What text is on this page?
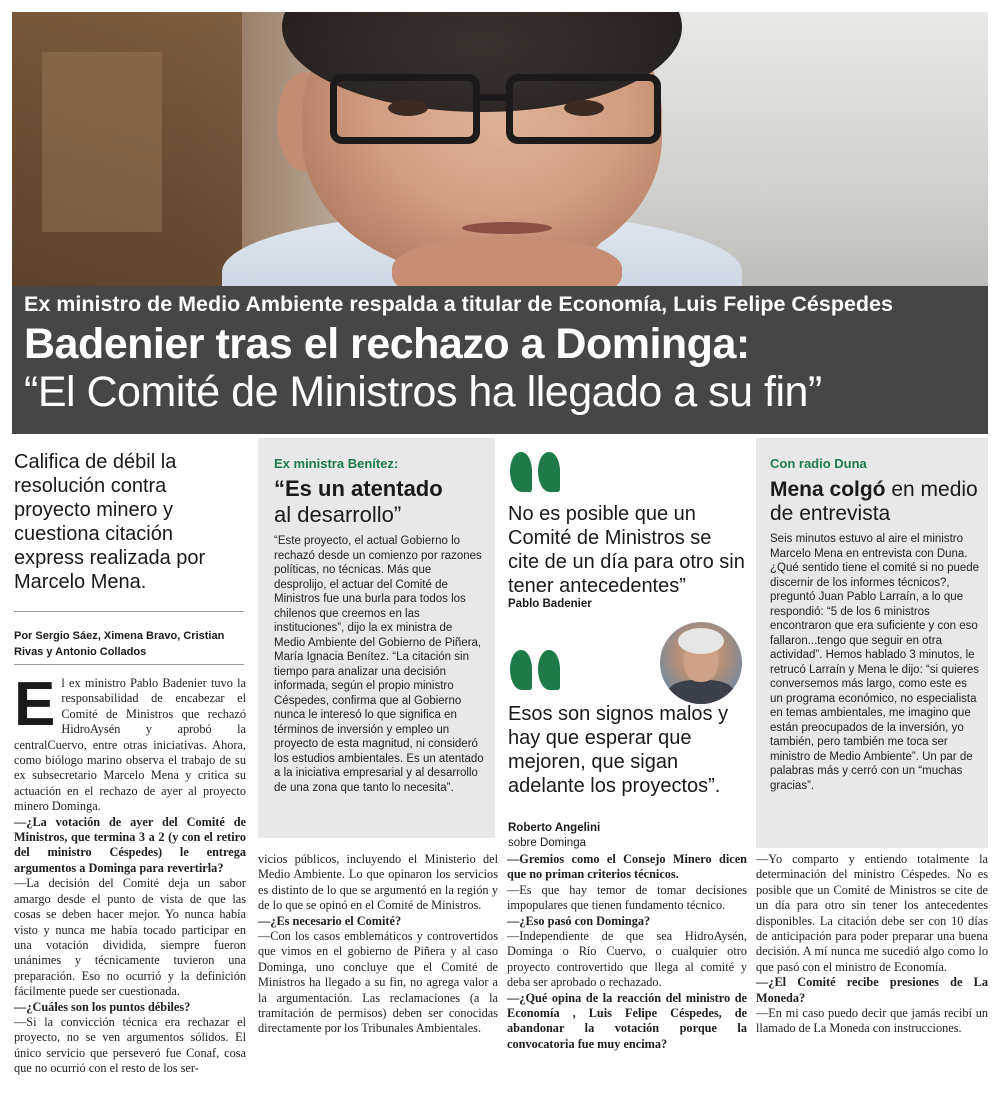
Ex ministro de Medio Ambiente respalda a titular de Economía, Luis Felipe Céspedes
Badenier tras el rechazo a Dominga:
“El Comité de Ministros ha llegado a su fin”
Califica de débil la resolución contra proyecto minero y cuestiona citación express realizada por Marcelo Mena.
Por Sergio Sáez, Ximena Bravo, Cristian Rivas y Antonio Collados
E l ex ministro Pablo Badenier tuvo la responsabilidad de encabezar el Comité de Ministros que rechazó HidroAysén y aprobó la centralCuervo, entre otras iniciativas. Ahora, como biólogo marino observa el trabajo de su ex subsecretario Marcelo Mena y critica su actuación en el rechazo de ayer al proyecto minero Dominga.

—¿La votación de ayer del Comité de Ministros, que termina 3 a 2 (y con el retiro del ministro Céspedes) le entrega argumentos a Dominga para revertirla?

—La decisión del Comité deja un sabor amargo desde el punto de vista de que las cosas se deben hacer mejor. Yo nunca había visto y nunca me había tocado participar en una votación dividida, siempre fueron unánimes y técnicamente tuvieron una preparación. Eso no ocurrió y la definición fácilmente puede ser cuestionada.

—¿Cuáles son los puntos débiles?

—Si la convicción técnica era rechazar el proyecto, no se ven argumentos sólidos. El único servicio que perseveró fue Conaf, cosa que no ocurrió con el resto de los ser-

Ex ministra Benítez:
“Es un atentado
al desarrollo”
“Este proyecto, el actual Gobierno lo rechazó desde un comienzo por razones políticas, no técnicas. Más que desprolijo, el actuar del Comité de Ministros fue una burla para todos los chilenos que creemos en las instituciones”, dijo la ex ministra de Medio Ambiente del Gobierno de Piñera, María Ignacia Benítez. “La citación sin tiempo para analizar una decisión informada, según el propio ministro Céspedes, confirma que al Gobierno nunca le interesó lo que significa en términos de inversión y empleo un proyecto de esta magnitud, ni consideró los estudios ambientales. Es un atentado a la iniciativa empresarial y al desarrollo de una zona que tanto lo necesita”.
No es posible que un Comité de Ministros se cite de un día para otro sin tener antecedentes”
Pablo Badenier
Esos son signos malos y hay que esperar que mejoren, que sigan adelante los proyectos”.
Roberto Angelini
sobre Dominga
Con radio Duna
Mena colgó en medio de entrevista
Seis minutos estuvo al aire el ministro Marcelo Mena en entrevista con Duna. ¿Qué sentido tiene el comité si no puede discernir de los informes técnicos?, preguntó Juan Pablo Larraín, a lo que respondió: “5 de los 6 ministros encontraron que era suficiente y con eso fallaron...tengo que seguir en otra actividad”. Hemos hablado 3 minutos, le retrucó Larraín y Mena le dijo: “si quieres conversemos más largo, como este es un programa económico, no especialista en temas ambientales, me imagino que están preocupados de la inversión, yo también, pero también me toca ser ministro de Medio Ambiente”. Un par de palabras más y cerró con un “muchas gracias”.

vicios públicos, incluyendo el Ministerio del Medio Ambiente. Lo que opinaron los servicios es distinto de lo que se argumentó en la región y de lo que se opinó en el Comité de Ministros.

—¿Es necesario el Comité?

—Con los casos emblemáticos y controvertidos que vimos en el gobierno de Piñera y al caso Dominga, uno concluye que el Comité de Ministros ha llegado a su fin, no agrega valor a la argumentación. Las reclamaciones (a la tramitación de permisos) deben ser conocidas directamente por los Tribunales Ambientales.

—Gremios como el Consejo Minero dicen que no priman criterios técnicos.

—Es que hay temor de tomar decisiones impopulares que tienen fundamento técnico.

—¿Eso pasó con Dominga?

—Independiente de que sea HidroAysén, Dominga o Río Cuervo, o cualquier otro proyecto controvertido que llega al comité y deba ser aprobado o rechazado.

—¿Qué opina de la reacción del ministro de Economía , Luis Felipe Céspedes, de abandonar la votación porque la convocatoria fue muy encima?

—Yo comparto y entiendo totalmente la determinación del ministro Céspedes. No es posible que un Comité de Ministros se cite de un día para otro sin tener los antecedentes disponibles. La citación debe ser con 10 días de anticipación para poder preparar una buena decisión. A mí nunca me sucedió algo como lo que pasó con el ministro de Economía.

—¿El Comité recibe presiones de La Moneda?

—En mi caso puedo decir que jamás recibí un llamado de La Moneda con instrucciones.
